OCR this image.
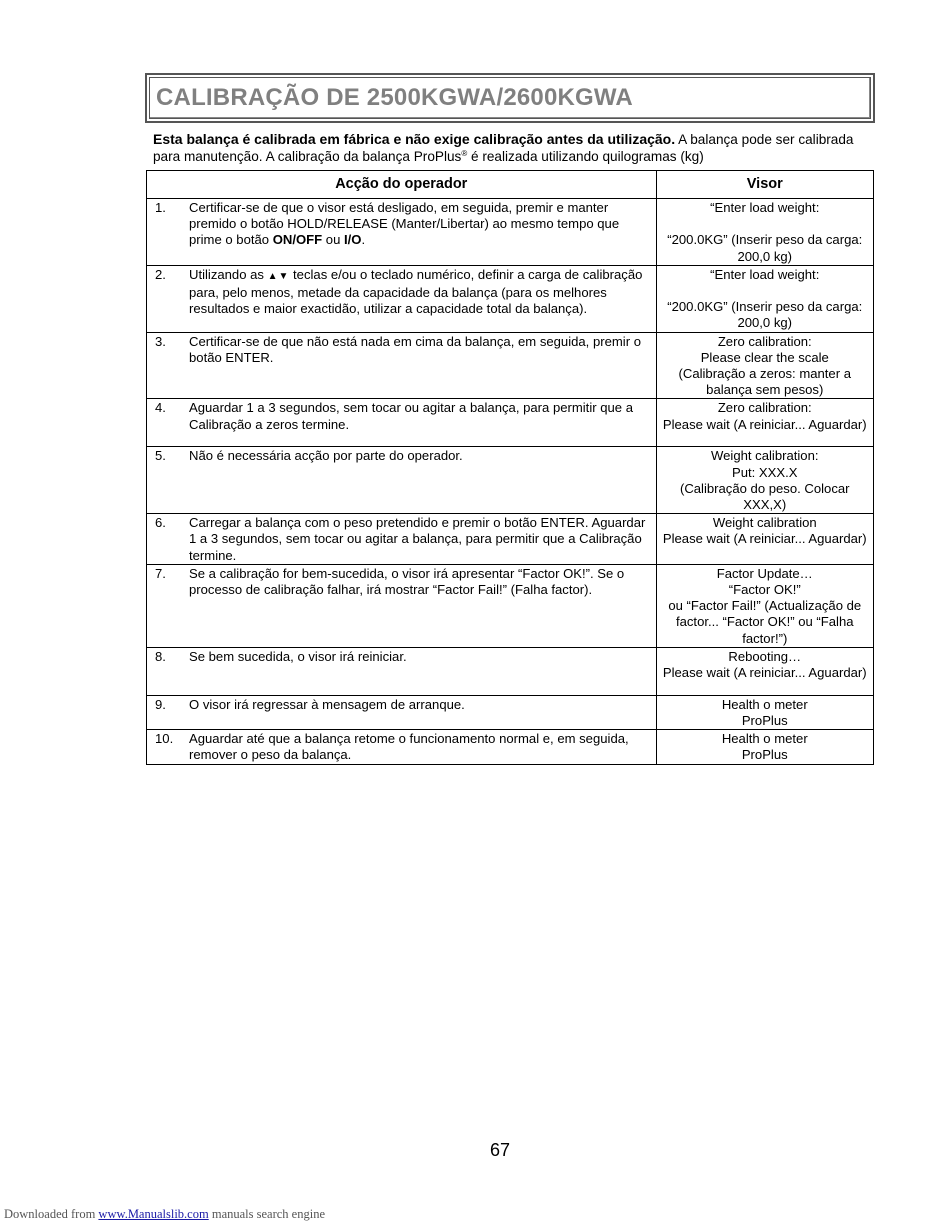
CALIBRAÇÃO DE 2500KGWA/2600KGWA
Esta balança é calibrada em fábrica e não exige calibração antes da utilização. A balança pode ser calibrada para manutenção. A calibração da balança ProPlus® é realizada utilizando quilogramas (kg)
Acção do operador	Visor

1. Certificar-se de que o visor está desligado, em seguida, premir e manter premido o botão HOLD/RELEASE (Manter/Libertar) ao mesmo tempo que prime o botão ON/OFF ou I/O.	“Enter load weight:

“200.0KG” (Inserir peso da carga: 200,0 kg)

2. Utilizando as ▲▼ teclas e/ou o teclado numérico, definir a carga de calibração para, pelo menos, metade da capacidade da balança (para os melhores resultados e maior exactidão, utilizar a capacidade total da balança).	“Enter load weight:

“200.0KG” (Inserir peso da carga: 200,0 kg)

3. Certificar-se de que não está nada em cima da balança, em seguida, premir o botão ENTER.	Zero calibration:
Please clear the scale
(Calibração a zeros: manter a balança sem pesos)

4. Aguardar 1 a 3 segundos, sem tocar ou agitar a balança, para permitir que a Calibração a zeros termine.	Zero calibration:
Please wait (A reiniciar... Aguardar)

5. Não é necessária acção por parte do operador.	Weight calibration:
Put: XXX.X
(Calibração do peso. Colocar XXX,X)

6. Carregar a balança com o peso pretendido e premir o botão ENTER. Aguardar 1 a 3 segundos, sem tocar ou agitar a balança, para permitir que a Calibração termine.	Weight calibration
Please wait (A reiniciar... Aguardar)

7. Se a calibração for bem-sucedida, o visor irá apresentar “Factor OK!”. Se o processo de calibração falhar, irá mostrar “Factor Fail!” (Falha factor).	Factor Update…
“Factor OK!”
ou “Factor Fail!” (Actualização de factor... “Factor OK!” ou “Falha factor!”)

8. Se bem sucedida, o visor irá reiniciar.	Rebooting…
Please wait (A reiniciar... Aguardar)

9. O visor irá regressar à mensagem de arranque.	Health o meter
ProPlus

10. Aguardar até que a balança retome o funcionamento normal e, em seguida, remover o peso da balança.	Health o meter
ProPlus
67
Downloaded from www.Manualslib.com manuals search engine
